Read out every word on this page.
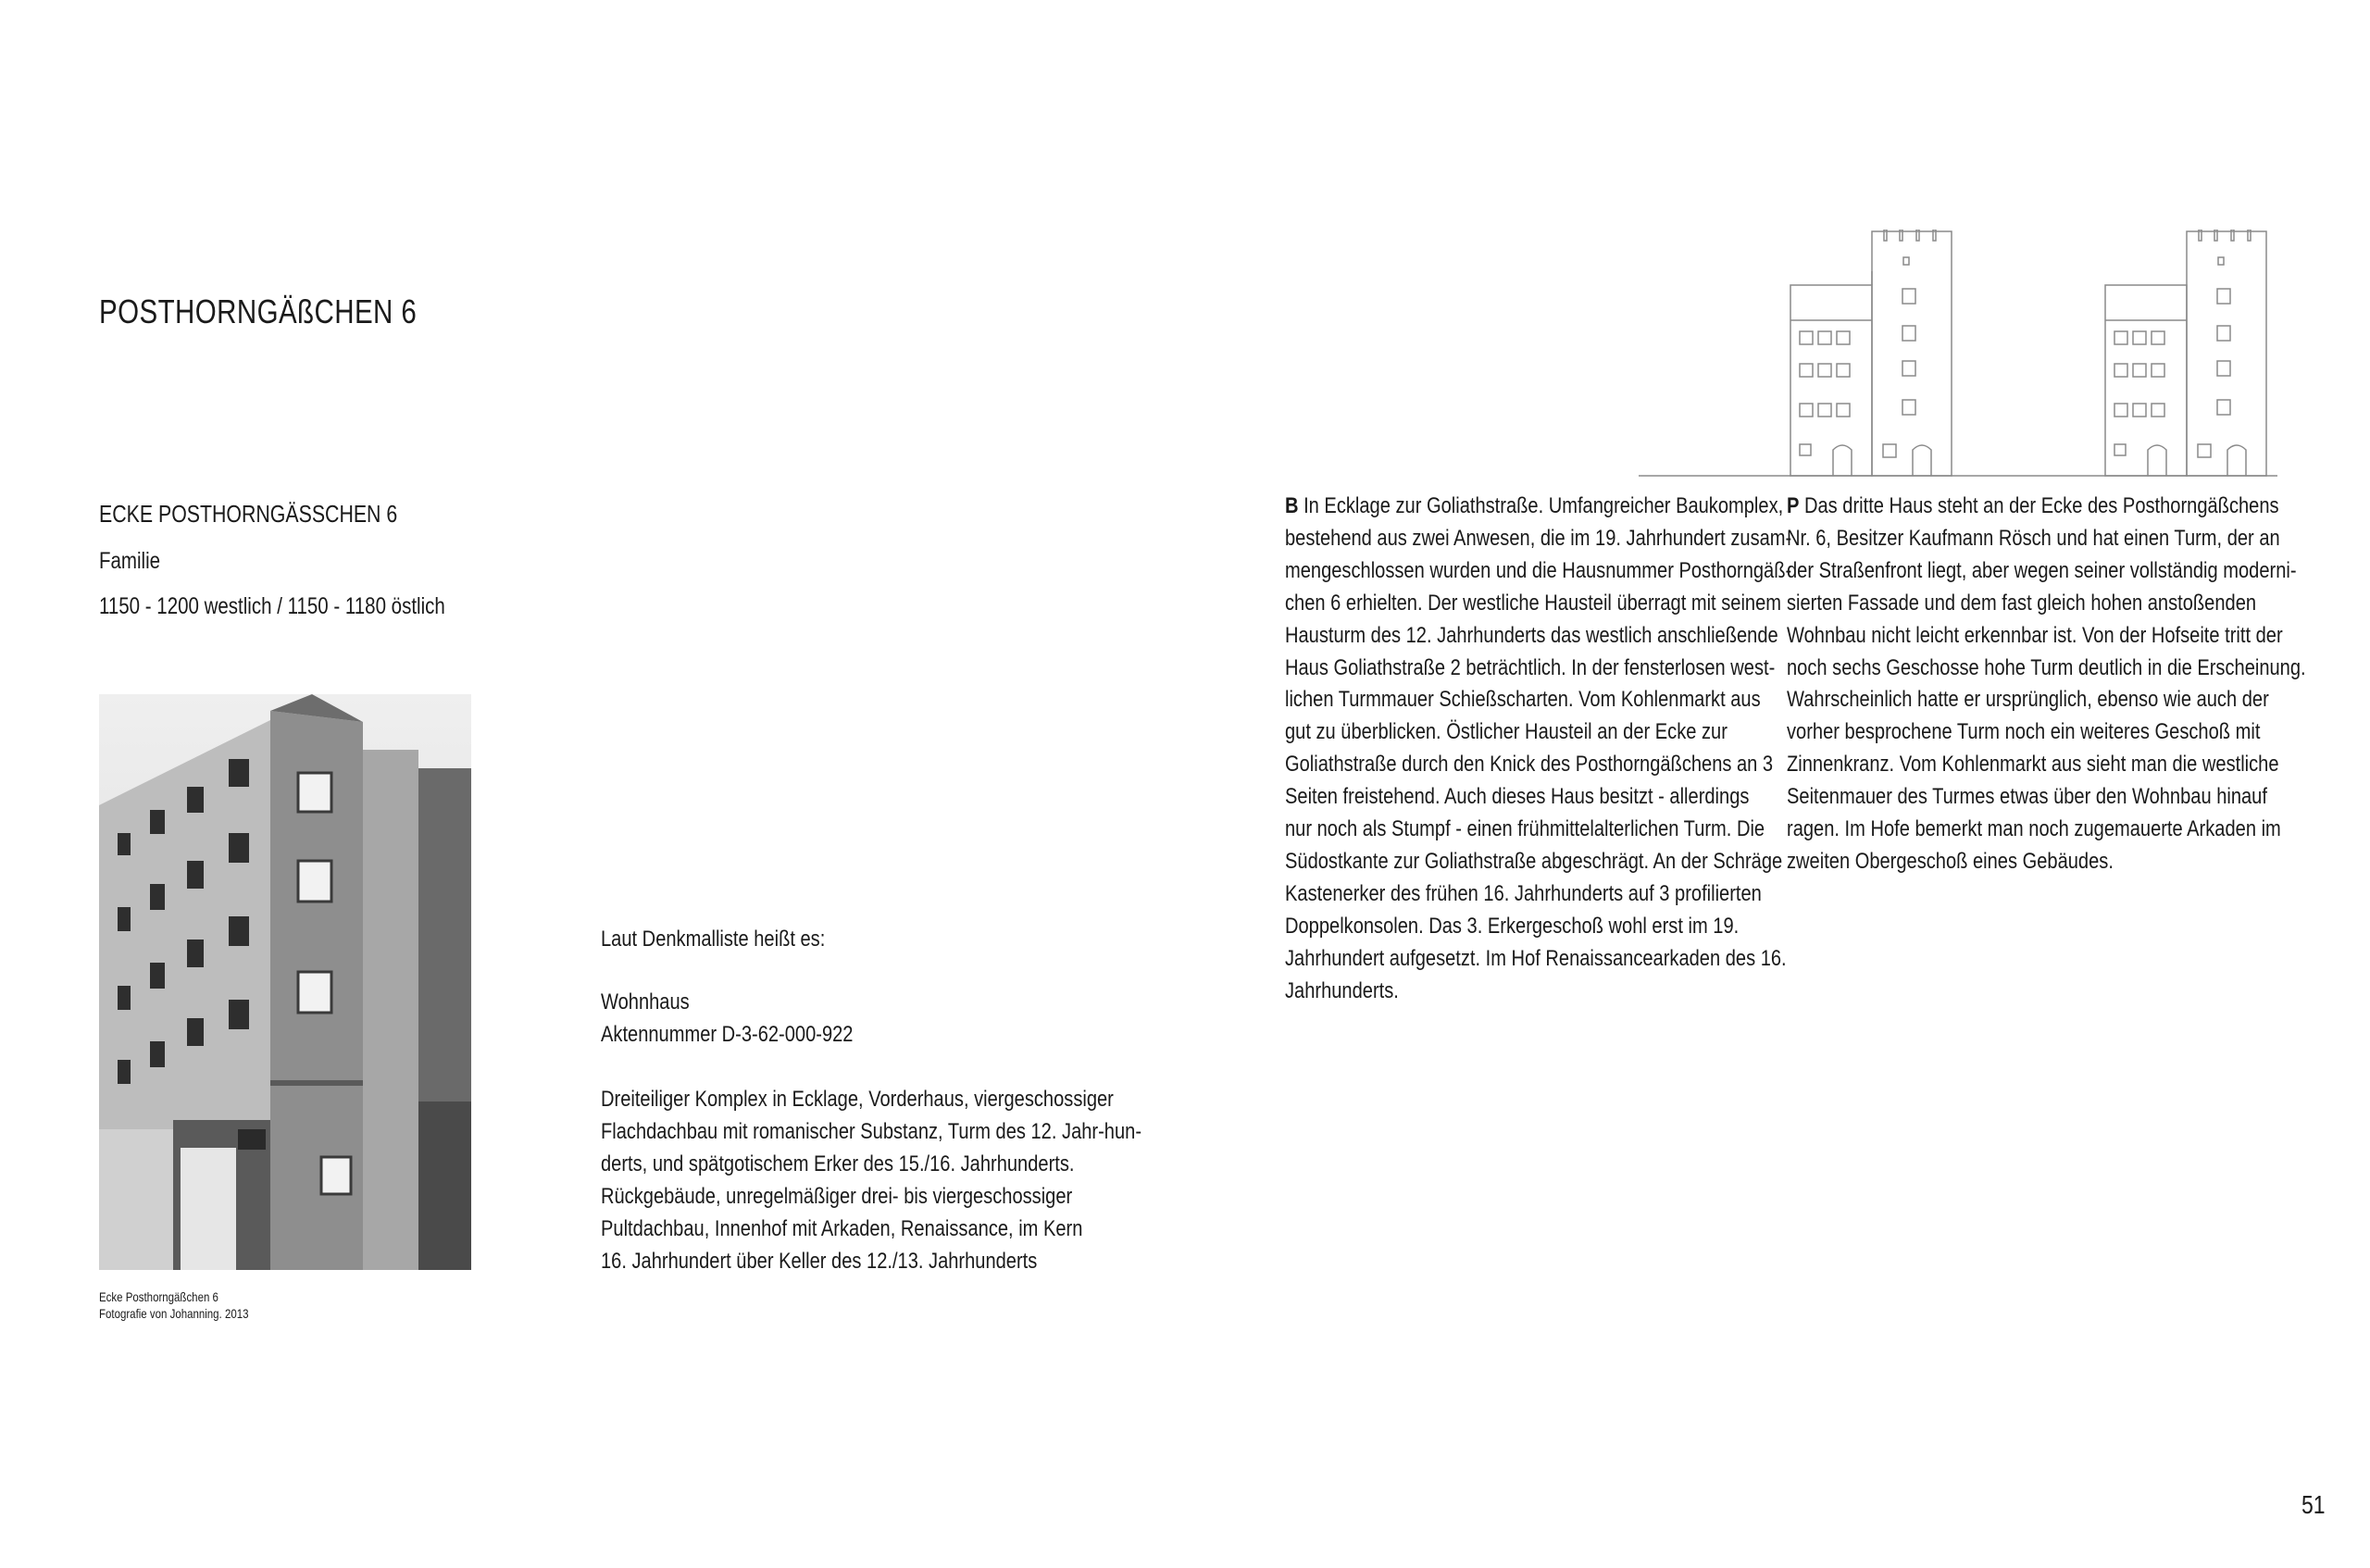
POSTHORNGÄßCHEN 6
ECKE POSTHORNGÄSSCHEN 6
Familie
1150 - 1200 westlich / 1150 - 1180 östlich
Ecke Posthorngäßchen 6
Fotografie von Johanning. 2013
Laut Denkmalliste heißt es:
Wohnhaus
Aktennummer D-3-62-000-922
Dreiteiliger Komplex in Ecklage, Vorderhaus, viergeschossiger
Flachdachbau mit romanischer Substanz, Turm des 12. Jahr-hun-
derts, und spätgotischem Erker des 15./16. Jahrhunderts.
Rückgebäude, unregelmäßiger drei- bis viergeschossiger
Pultdachbau, Innenhof mit Arkaden, Renaissance, im Kern
16. Jahrhundert über Keller des 12./13. Jahrhunderts
B In Ecklage zur Goliathstraße. Umfangreicher Baukomplex,
bestehend aus zwei Anwesen, die im 19. Jahrhundert zusam-
mengeschlossen wurden und die Hausnummer Posthorngäß-
chen 6 erhielten. Der westliche Hausteil überragt mit seinem
Hausturm des 12. Jahrhunderts das westlich anschließende
Haus Goliathstraße 2 beträchtlich. In der fensterlosen west-
lichen Turmmauer Schießscharten. Vom Kohlenmarkt aus
gut zu überblicken. Östlicher Hausteil an der Ecke zur
Goliathstraße durch den Knick des Posthorngäßchens an 3
Seiten freistehend. Auch dieses Haus besitzt - allerdings
nur noch als Stumpf - einen frühmittelalterlichen Turm. Die
Südostkante zur Goliathstraße abgeschrägt. An der Schräge
Kastenerker des frühen 16. Jahrhunderts auf 3 profilierten
Doppelkonsolen. Das 3. Erkergeschoß wohl erst im 19.
Jahrhundert aufgesetzt. Im Hof Renaissancearkaden des 16.
Jahrhunderts.
P Das dritte Haus steht an der Ecke des Posthorngäßchens
Nr. 6, Besitzer Kaufmann Rösch und hat einen Turm, der an
der Straßenfront liegt, aber wegen seiner vollständig moderni-
sierten Fassade und dem fast gleich hohen anstoßenden
Wohnbau nicht leicht erkennbar ist. Von der Hofseite tritt der
noch sechs Geschosse hohe Turm deutlich in die Erscheinung.
Wahrscheinlich hatte er ursprünglich, ebenso wie auch der
vorher besprochene Turm noch ein weiteres Geschoß mit
Zinnenkranz. Vom Kohlenmarkt aus sieht man die westliche
Seitenmauer des Turmes etwas über den Wohnbau hinauf
ragen. Im Hofe bemerkt man noch zugemauerte Arkaden im
zweiten Obergeschoß eines Gebäudes.
51
